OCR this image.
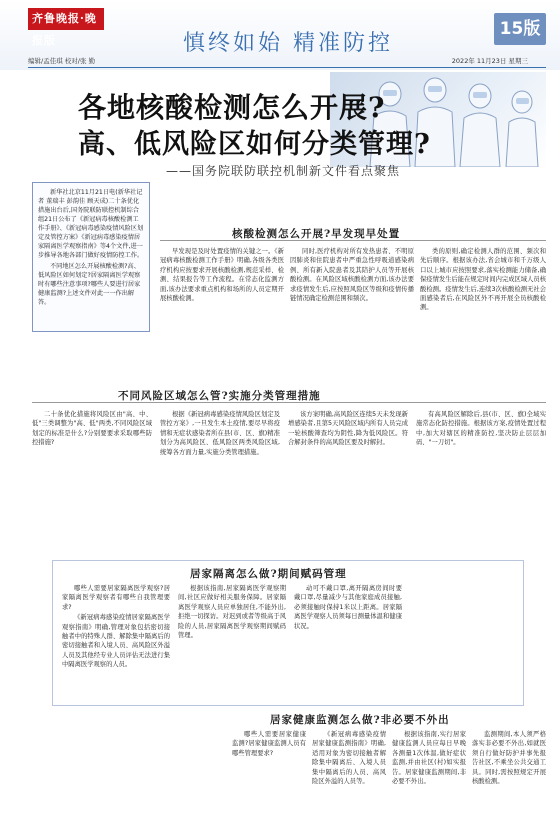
齐鲁晚报·晚报版	慎终如始 精准防控
15版
编辑/孟佳琪 校对/张 勤	2022年 11月23日 星期三
各地核酸检测怎么开展?
高、低风险区如何分类管理?
——国务院联防联控机制新文件看点聚焦

新华社北京11月21日电(新华社记者 董瑞丰 彭韵佳 顾天成)二十条优化措施出台后,国务院联防联控机制综合组21日公布了《新冠病毒核酸检测工作手册》、《新冠病毒感染疫情风险区划定及管控方案》《新冠病毒感染疫情居家隔离医学观察指南》等4个文件,进一步推导各地各部门做好疫情防控工作。

不同地区怎么开展核酸检测?高、低风险区如何划定?居家隔离医学观察时有哪些注意事项?哪些人要进行居家健康监测?上述文件对此一一作出解答。

核酸检测怎么开展?早发现早处置

早发现是及时处置疫情的关键之一。《新冠病毒核酸检测工作手册》明确,各级各类医疗机构应按要求开展核酸检测,规范采样、检测、结果报告等工作流程。在常态化监测方面,该办法要求重点机构和场所的人员定期开展核酸检测。

同时,医疗机构对所有发热患者、不明原因肺炎和住院患者中严重急性呼吸道感染病例、所有新入院患者及其陪护人员等开展核酸检测。在风险区域核酸检测方面,该办法要求疫情发生后,应按照风险区等级和疫情传播链情况确定检测范围和频次。

类的原则,确定检测人群的范围、频次和先后顺序。根据该办法,省会城市和千万级人口以上城市应按照要求,落实检测能力储备,确保疫情发生后能在规定时间内完成区域人员核酸检测。疫情发生后,连续3次核酸检测无社会面感染者后,在风险区外不再开展全员核酸检测。

不同风险区域怎么管?实施分类管理措施

二十条优化措施将风险区由"高、中、低"三类调整为"高、低"两类,不同风险区域划定的标准是什么?分别要要求采取哪些防控措施?

根据《新冠病毒感染疫情风险区划定及管控方案》,一旦发生本土疫情,要尽早将疫情和无症状感染者所在县(市、区、旗)精准划分为高风险区、低风险区两类风险区域,统筹各方面力量,实施分类管理措施。

该方案明确,高风险区连续5天未发现新增感染者,且第5天风险区域内所有人员完成一轮核酸筛查均为阴性,降为低风险区。符合解封条件的高风险区要及时解封。

有高风险区解除后,县(市、区、旗)全域实施常态化防控措施。根据该方案,疫情处置过程中,加大对辖区的精准防控,坚决防止层层加码、"一刀切"。

居家隔离怎么做?期间赋码管理

哪些人需要居家隔离医学观察?居家隔离医学观察者有哪些自我管理要求?

《新冠病毒感染疫情居家隔离医学观察指南》明确,管理对象包括密切接触者中的特殊人群、解除集中隔离后的密切接触者和入境人员、高风险区外溢人员及其他经专业人员评估无法进行集中隔离医学观察的人员。

根据该指南,居家隔离医学观察期间,社区应做好相关服务保障。居家隔离医学观察人员应单独居住,不能外出,拒绝一切探访。对迟到或者等级高于风险的人员,居家隔离医学观察期间赋码管理。

动可不戴口罩,离开隔离房间时要戴口罩,尽量减少与其他家庭成员接触,必须接触时保持1米以上距离。居家隔离医学观察人员须每日测量体温和健康状况。

居家健康监测怎么做?非必要不外出

哪些人需要居家健康监测?居家健康监测人员有哪些管理要求?

《新冠病毒感染疫情居家健康监测指南》明确,适用对象为密切接触者解除集中隔离后、入境人员集中隔离后的人员、高风险区外溢的人员等。

根据该指南,实行居家健康监测人员应每日早晚各测量1次体温,做好症状监测,并由社区(村)如实报告。居家健康监测期间,非必要不外出。

监测期间,本人须严格落实非必要不外出,如就医须自行做好防护并事先报告社区,不乘坐公共交通工具。同时,需按照规定开展核酸检测。
